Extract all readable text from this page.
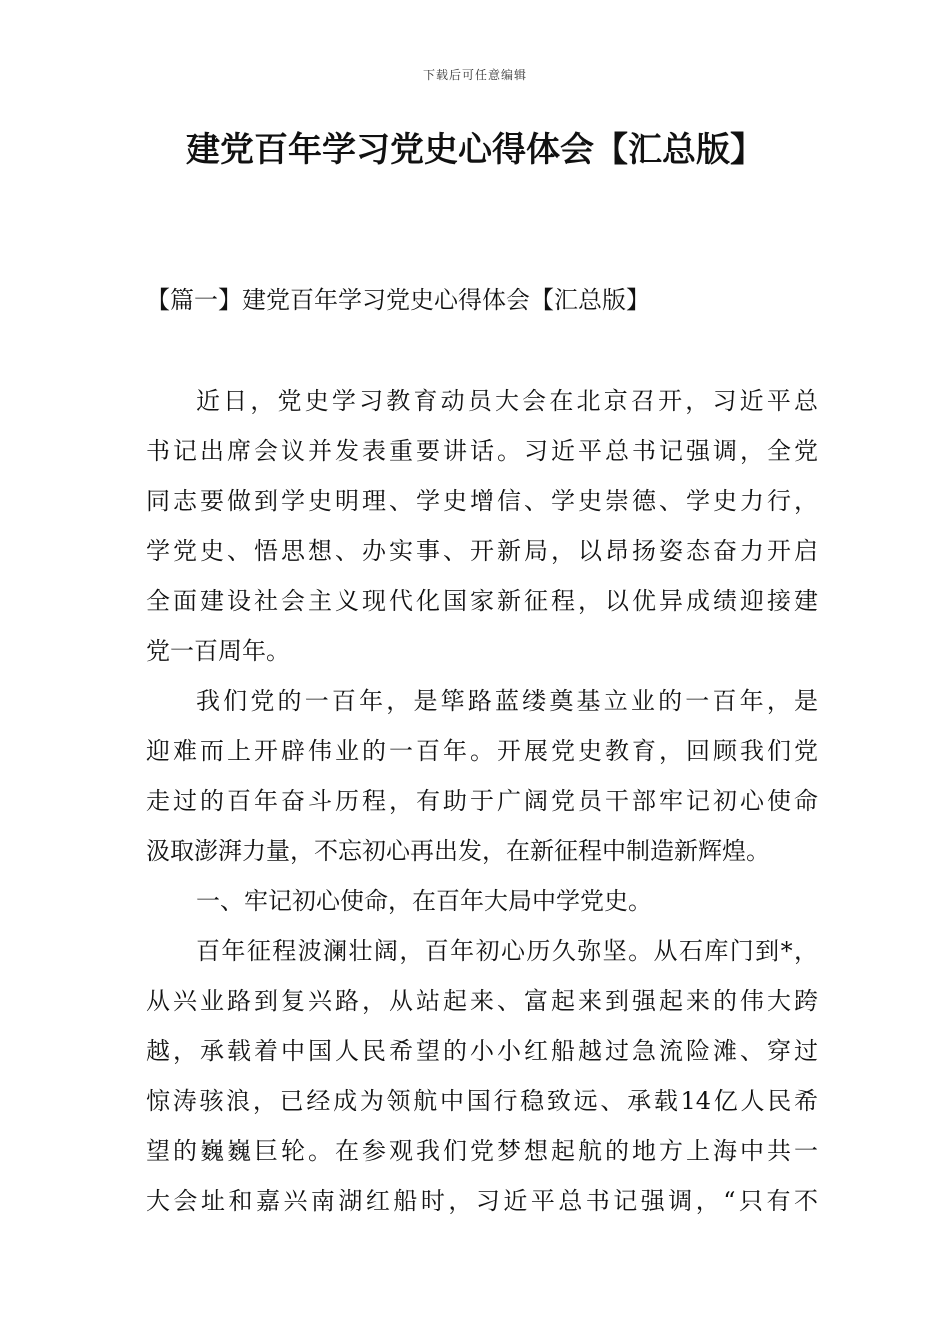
下载后可任意编辑
建党百年学习党史心得体会【汇总版】
【篇一】建党百年学习党史心得体会【汇总版】
近日，党史学习教育动员大会在北京召开，习近平总
书记出席会议并发表重要讲话。习近平总书记强调，全党
同志要做到学史明理、学史增信、学史崇德、学史力行，
学党史、悟思想、办实事、开新局，以昂扬姿态奋力开启
全面建设社会主义现代化国家新征程，以优异成绩迎接建
党一百周年。
我们党的一百年，是筚路蓝缕奠基立业的一百年，是
迎难而上开辟伟业的一百年。开展党史教育，回顾我们党
走过的百年奋斗历程，有助于广阔党员干部牢记初心使命
汲取澎湃力量，不忘初心再出发，在新征程中制造新辉煌。
一、牢记初心使命，在百年大局中学党史。
百年征程波澜壮阔，百年初心历久弥坚。从石库门到*，
从兴业路到复兴路，从站起来、富起来到强起来的伟大跨
越，承载着中国人民希望的小小红船越过急流险滩、穿过
惊涛骇浪，已经成为领航中国行稳致远、承载14亿人民希
望的巍巍巨轮。在参观我们党梦想起航的地方上海中共一
大会址和嘉兴南湖红船时，习近平总书记强调，“只有不
